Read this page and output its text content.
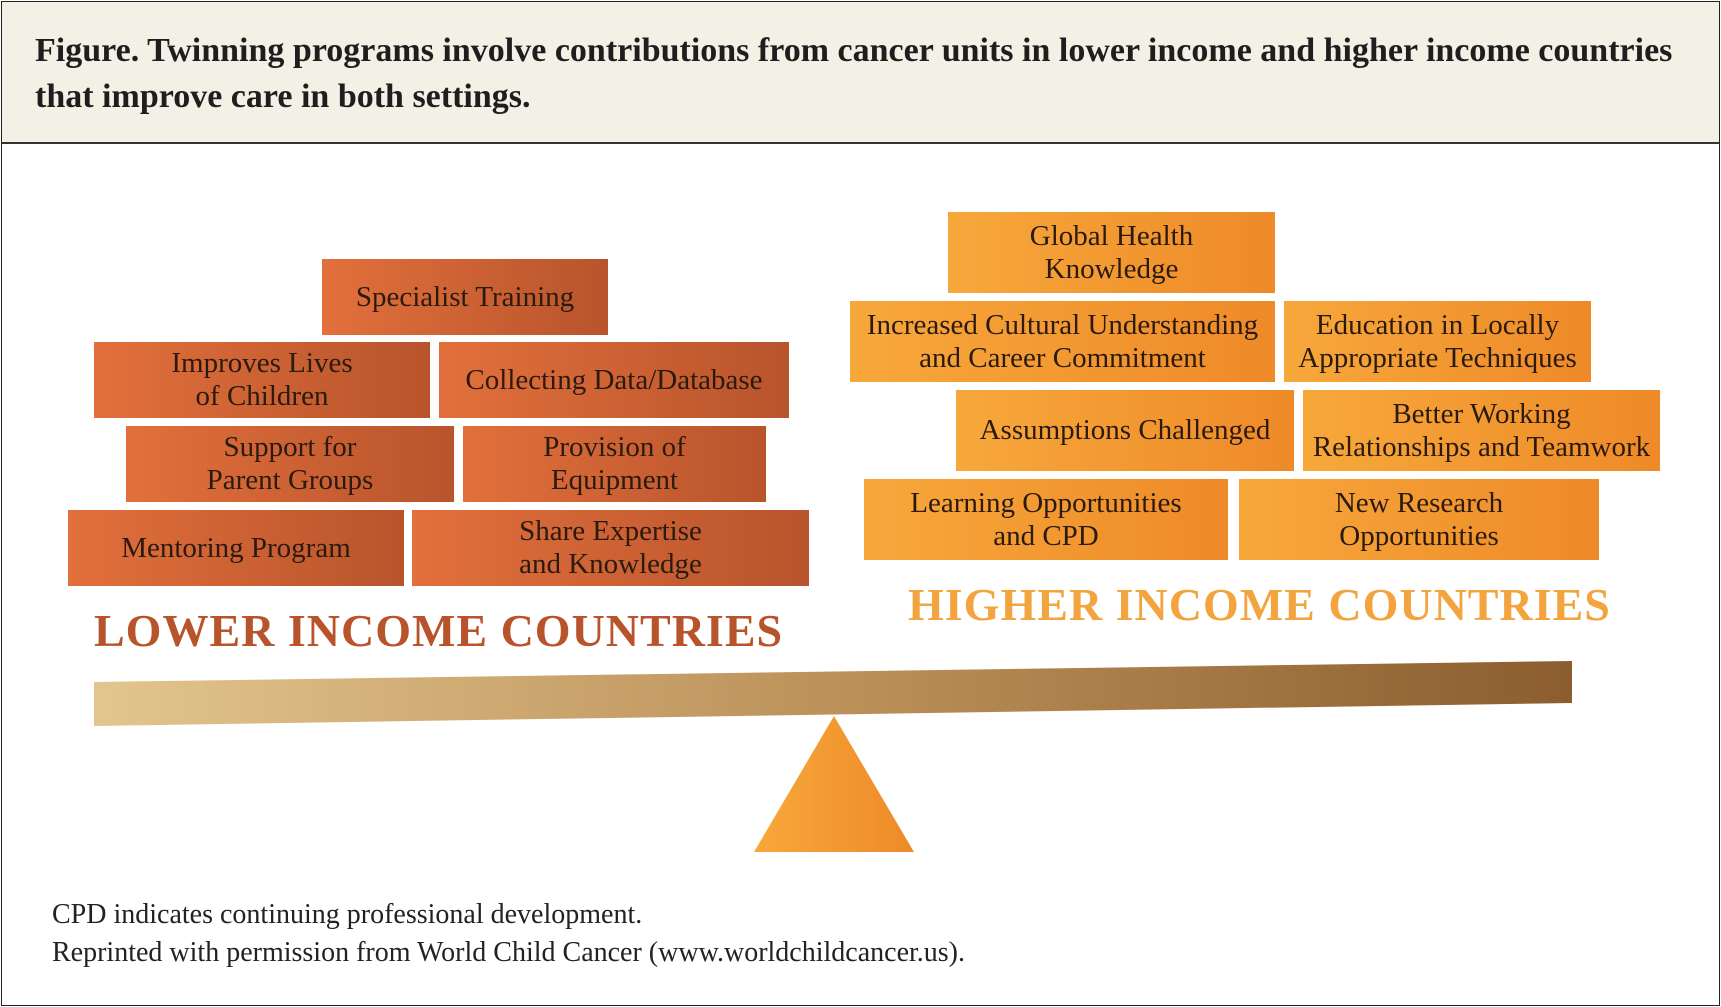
Figure. Twinning programs involve contributions from cancer units in lower income and higher income countries that improve care in both settings.
Specialist Training
Improves Lives
of Children
Collecting Data/Database
Support for
Parent Groups
Provision of
Equipment
Mentoring Program
Share Expertise
and Knowledge
LOWER INCOME COUNTRIES
Global Health
Knowledge
Increased Cultural Understanding
and Career Commitment
Education in Locally
Appropriate Techniques
Assumptions Challenged
Better Working
Relationships and Teamwork
Learning Opportunities
and CPD
New Research
Opportunities
HIGHER INCOME COUNTRIES
CPD indicates continuing professional development.
Reprinted with permission from World Child Cancer (www.worldchildcancer.us).
